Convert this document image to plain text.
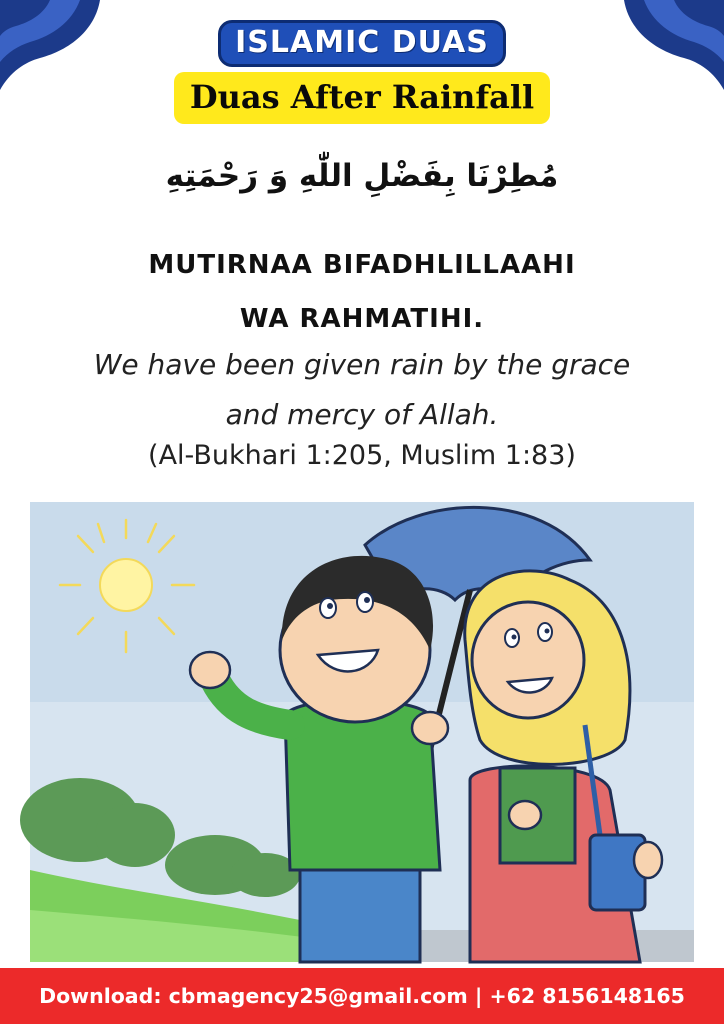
ISLAMIC DUAS
Duas After Rainfall
مُطِرْنَا بِفَضْلِ اللّٰهِ وَ رَحْمَتِهِ
MUTIRNAA BIFADHLILLAAHI
WA RAHMATIHI.
We have been given rain by the grace
and mercy of Allah.
(Al-Bukhari 1:205, Muslim 1:83)
Download: cbmagency25@gmail.com | +62 8156148165
